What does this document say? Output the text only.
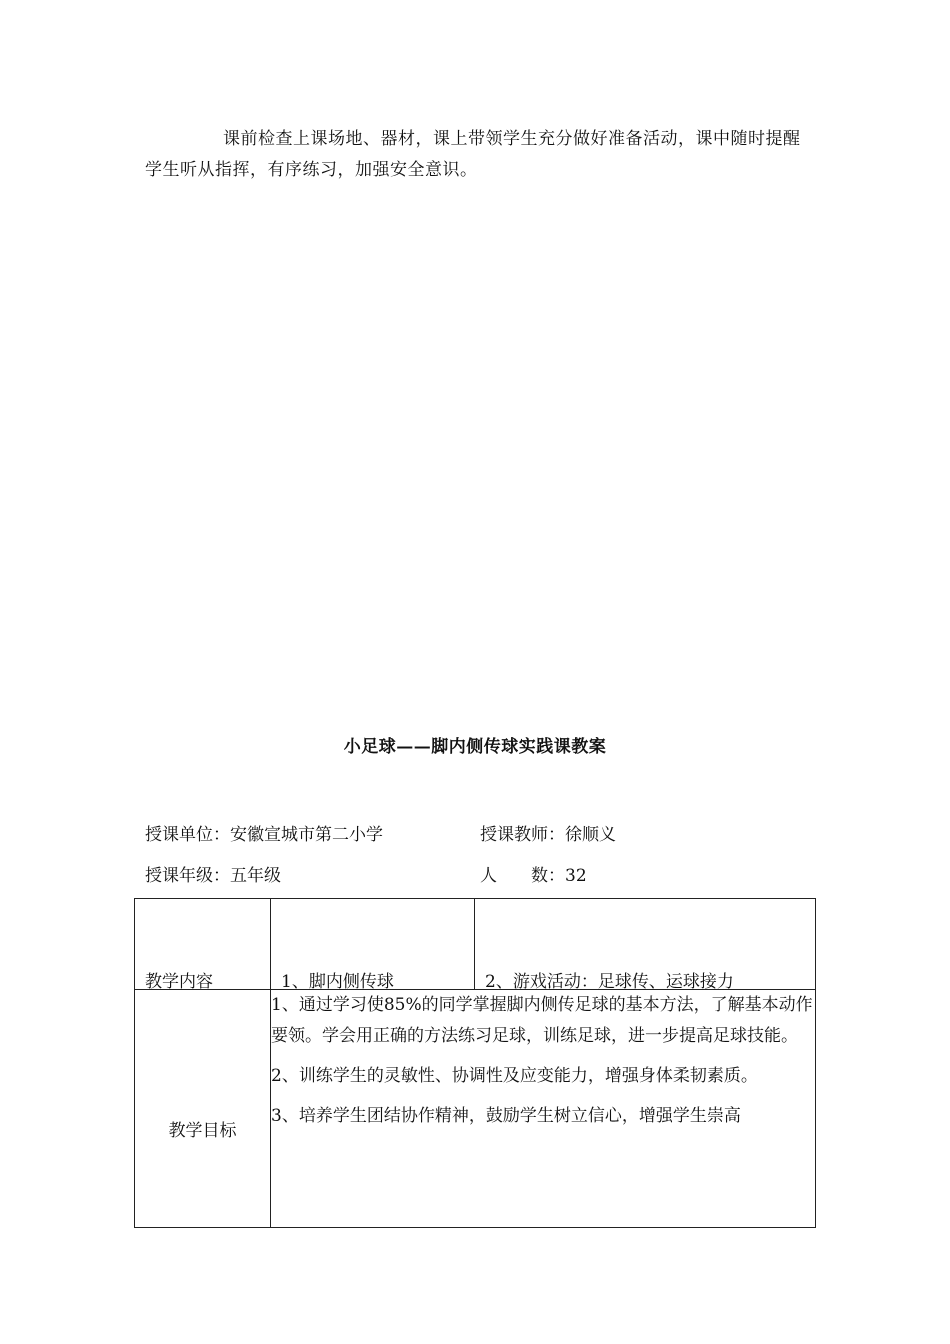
课前检查上课场地、器材，课上带领学生充分做好准备活动，课中随时提醒学生听从指挥，有序练习，加强安全意识。

小足球——脚内侧传球实践课教案
授课单位：安徽宣城市第二小学	授课教师：徐顺义
授课年级：五年级	人　　数：32
教学内容	1、脚内侧传球	2、游戏活动：足球传、运球接力

教学目标	1、通过学习使85%的同学掌握脚内侧传足球的基本方法，了解基本动作要领。学会用正确的方法练习足球，训练足球，进一步提高足球技能。

2、训练学生的灵敏性、协调性及应变能力，增强身体柔韧素质。

3、培养学生团结协作精神，鼓励学生树立信心，增强学生崇高	
